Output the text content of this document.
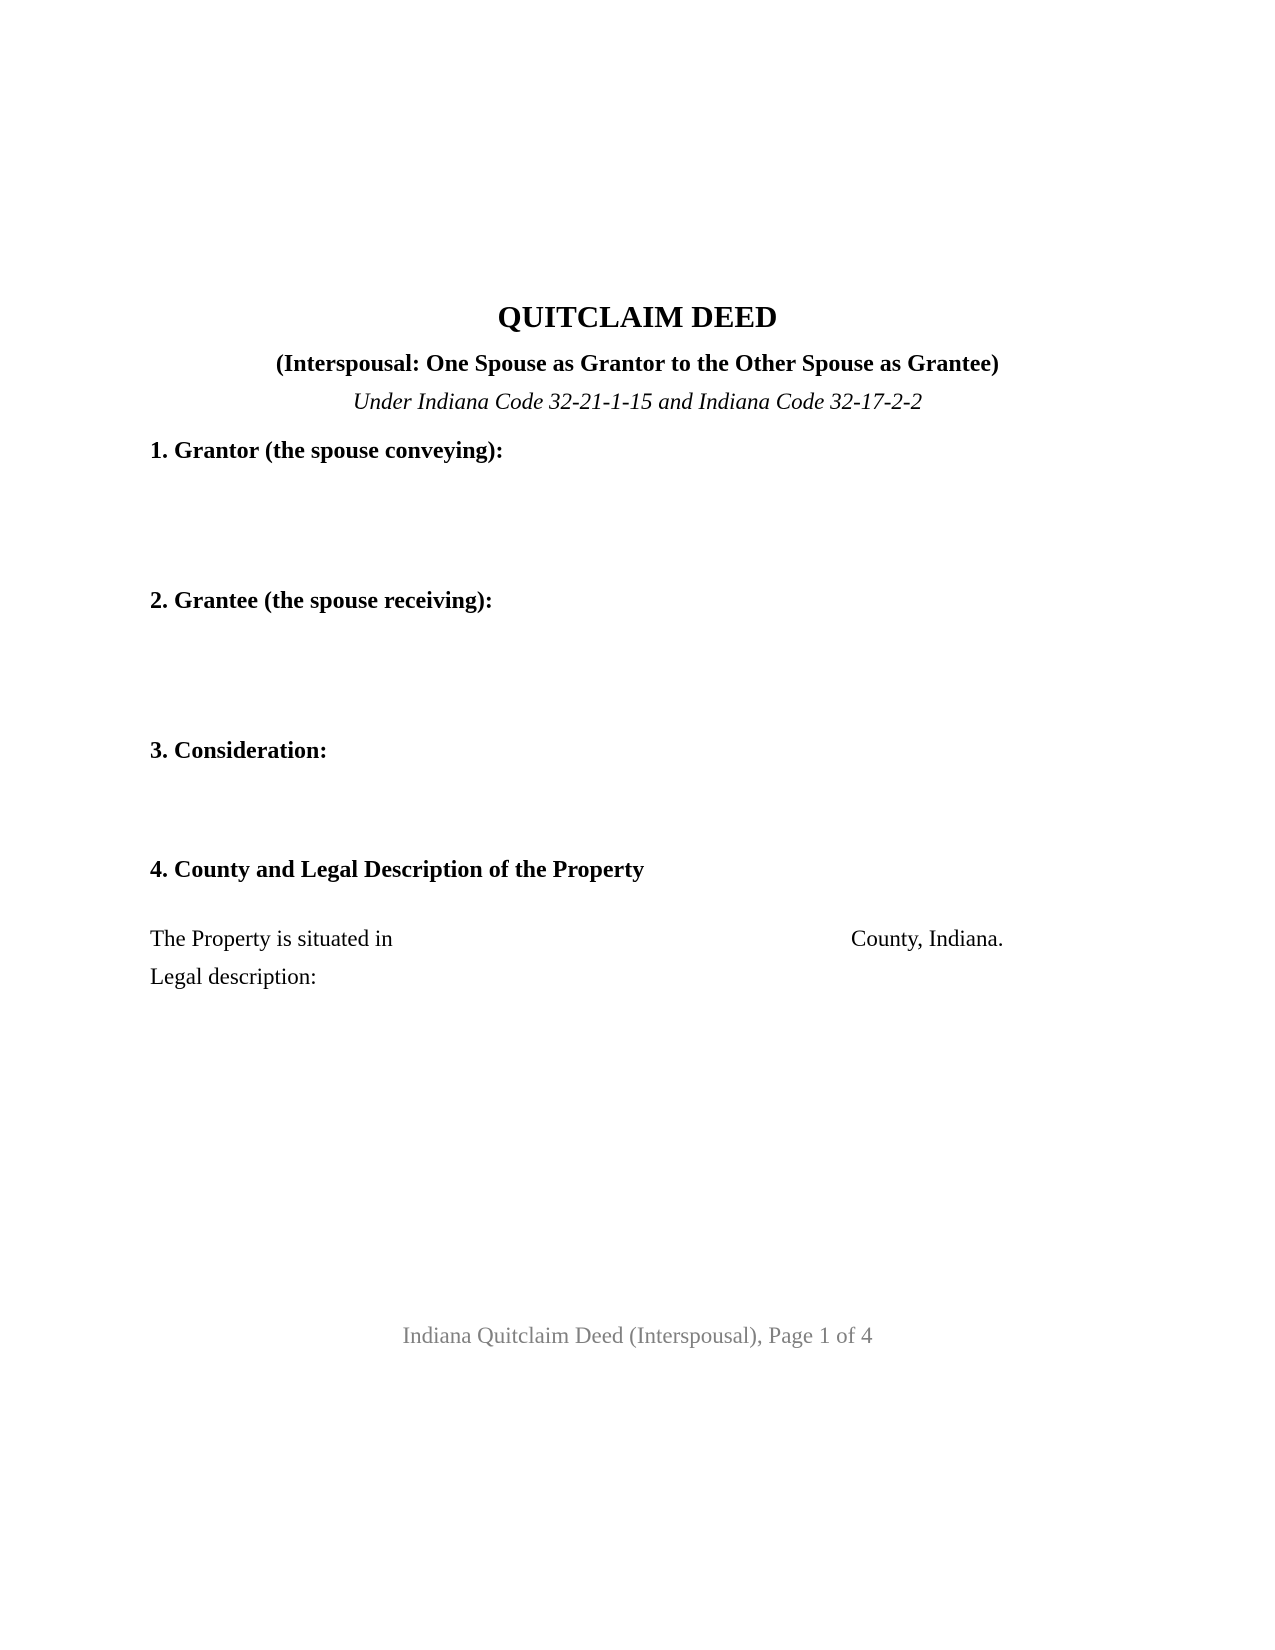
QUITCLAIM DEED

(Interspousal: One Spouse as Grantor to the Other Spouse as Grantee)

Under Indiana Code 32-21-1-15 and Indiana Code 32-17-2-2

1. Grantor (the spouse conveying):

2. Grantee (the spouse receiving):

3. Consideration:

4. County and Legal Description of the Property

The Property is situated in	County, Indiana.

Legal description:

Indiana Quitclaim Deed (Interspousal), Page 1 of 4
